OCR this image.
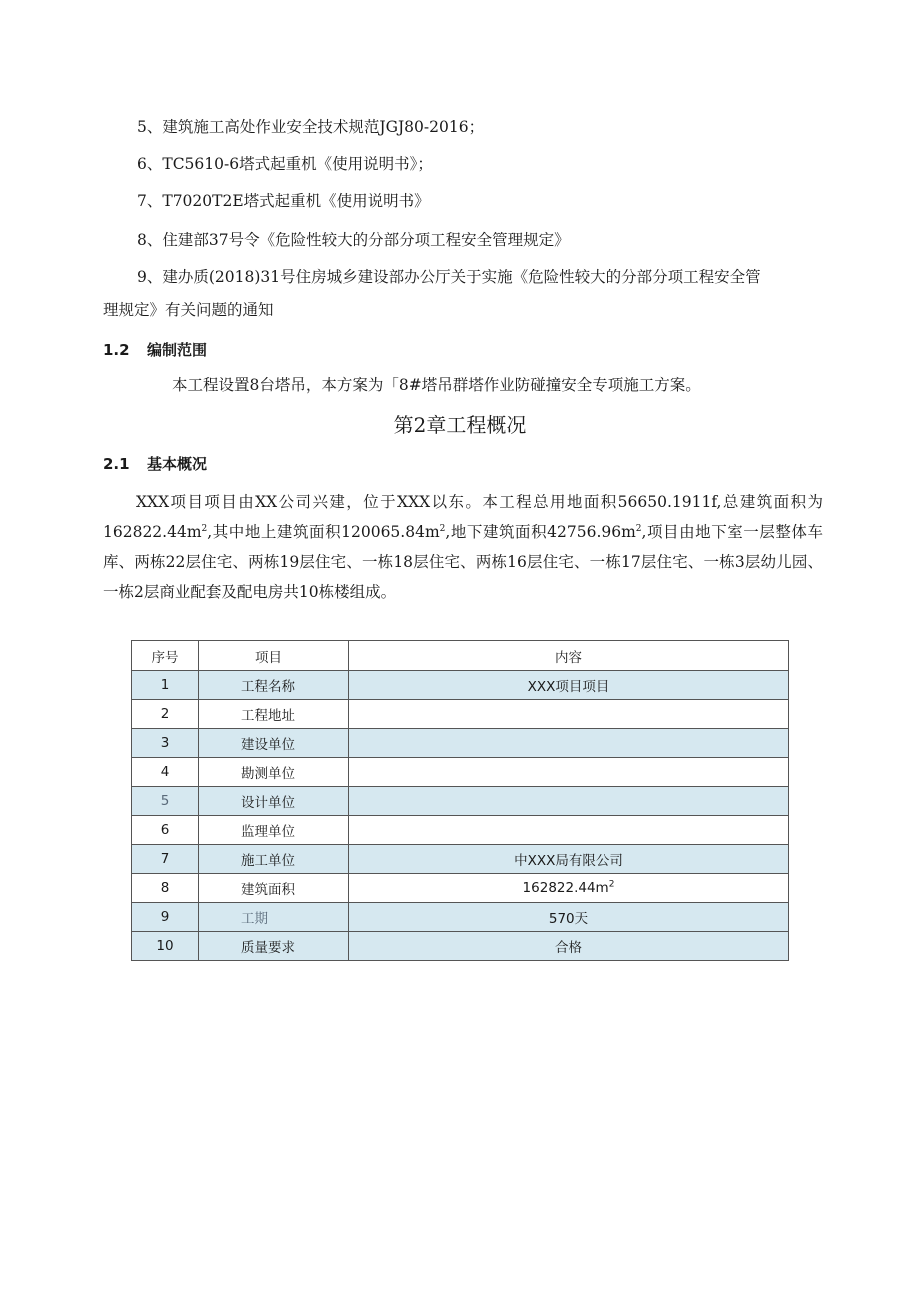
5、建筑施工高处作业安全技术规范JGJ80-2016；

6、TC5610-6塔式起重机《使用说明书》；

7、T7020T2E塔式起重机《使用说明书》

8、住建部37号令《危险性较大的分部分项工程安全管理规定》

9、建办质(2018)31号住房城乡建设部办公厅关于实施《危险性较大的分部分项工程安全管

理规定》有关问题的通知

1.2 编制范围

本工程设置8台塔吊，本方案为「8#塔吊群塔作业防碰撞安全专项施工方案。

第2章工程概况
2.1 基本概况

XXX项目项目由XX公司兴建，位于XXX以东。本工程总用地面积56650.1911f,总建筑面积为$162822.44m^2$,其中地上建筑面积$120065.84m^2$,地下建筑面积$42756.96m^2$,项目由地下室一层整体车库、两栋22层住宅、两栋19层住宅、一栋18层住宅、两栋16层住宅、一栋17层住宅、一栋3层幼儿园、一栋2层商业配套及配电房共10栋楼组成。

序号	项目	内容
1	工程名称	XXX项目项目
2	工程地址	
3	建设单位	
4	勘测单位	
5	设计单位	
6	监理单位	
7	施工单位	中XXX局有限公司
8	建筑面积	$162822.44m^2$
9	工期	570天
10	质量要求	合格
